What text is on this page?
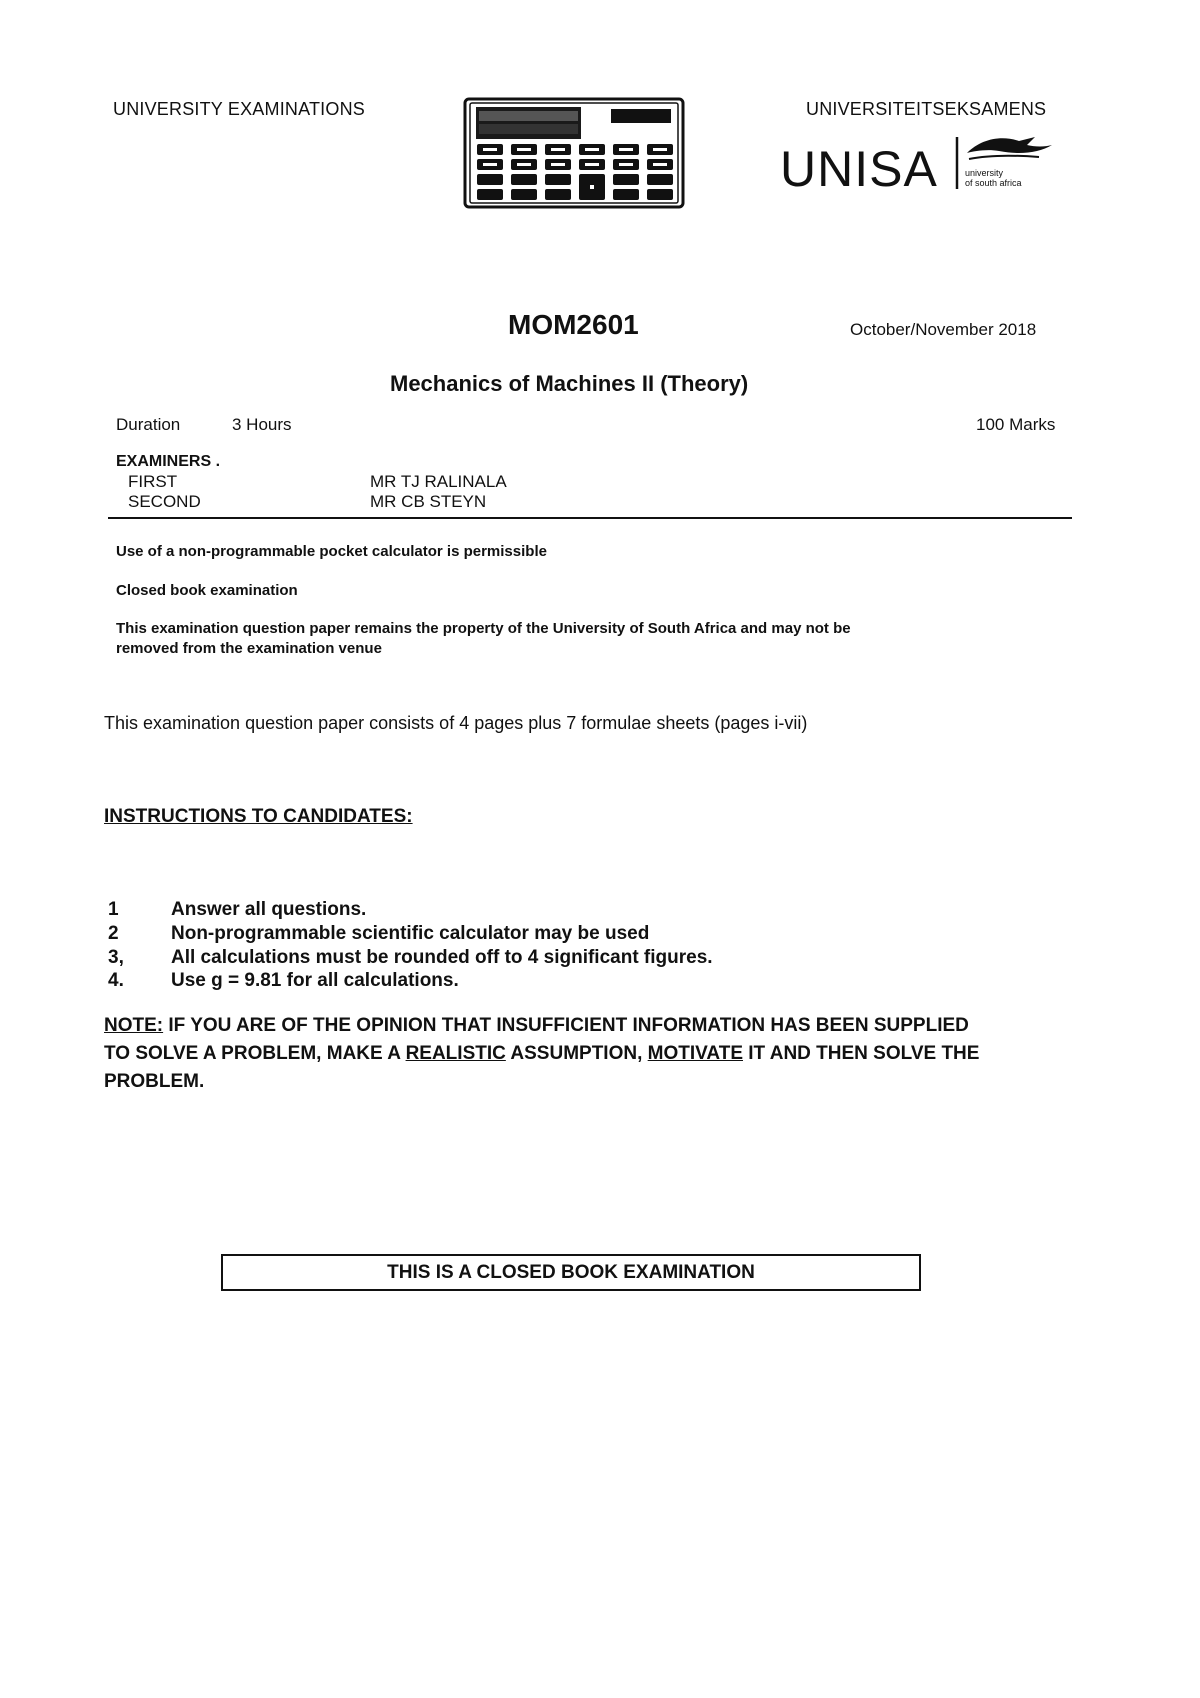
UNIVERSITY EXAMINATIONS	UNIVERSITEITSEKSAMENS
UNISA	university
of south africa
MOM2601	October/November 2018
Mechanics of Machines II (Theory)
Duration	3 Hours	100 Marks
EXAMINERS .
FIRST	MR TJ RALINALA
SECOND	MR CB STEYN
Use of a non-programmable pocket calculator is permissible
Closed book examination
This examination question paper remains the property of the University of South Africa and may not be
removed from the examination venue
This examination question paper consists of 4 pages plus 7 formulae sheets (pages i-vii)
INSTRUCTIONS TO CANDIDATES:
1	Answer all questions.
2	Non-programmable scientific calculator may be used
3, All calculations must be rounded off to 4 significant figures.
4. Use g = 9.81 for all calculations.
NOTE: IF YOU ARE OF THE OPINION THAT INSUFFICIENT INFORMATION HAS BEEN SUPPLIED
TO SOLVE A PROBLEM, MAKE A REALISTIC ASSUMPTION, MOTIVATE IT AND THEN SOLVE THE
PROBLEM.
THIS IS A CLOSED BOOK EXAMINATION
